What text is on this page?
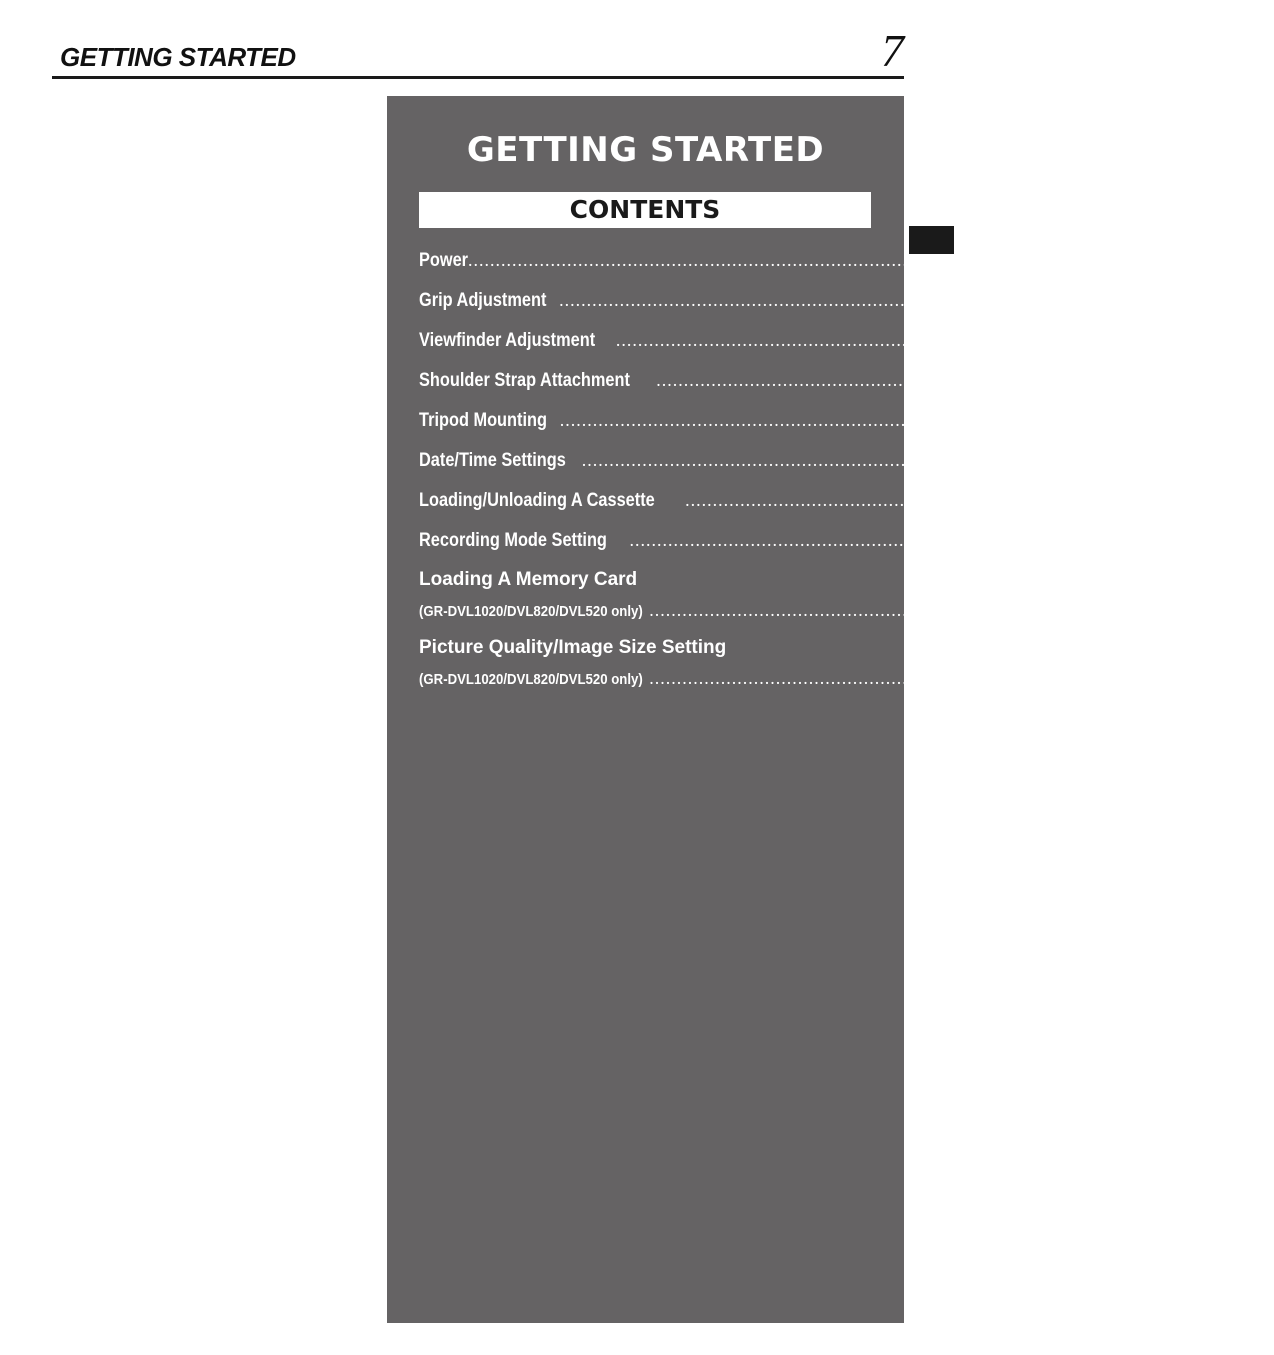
GETTING STARTED	7
GETTING STARTED
CONTENTS
Power ...................................................................................................... 8 – 9
Grip Adjustment ...................................................................................................... 10
Viewfinder Adjustment ...................................................................................................... 10
Shoulder Strap Attachment ...................................................................................................... 10
Tripod Mounting ...................................................................................................... 10
Date/Time Settings ...................................................................................................... 11
Loading/Unloading A Cassette ...................................................................................................... 12
Recording Mode Setting ...................................................................................................... 13
Loading A Memory Card
(GR-DVL1020/DVL820/DVL520 only) ...................................................................................................... 14
Picture Quality/Image Size Setting
(GR-DVL1020/DVL820/DVL520 only) ...................................................................................................... 14
